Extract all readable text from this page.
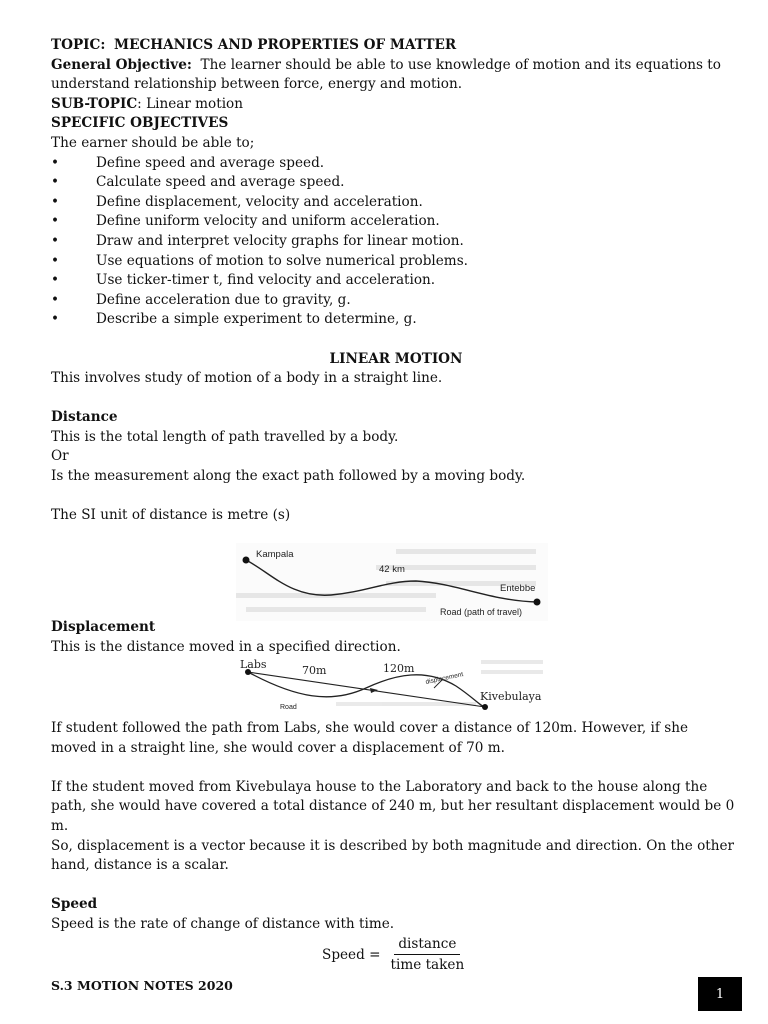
TOPIC: MECHANICS AND PROPERTIES OF MATTER
General Objective: The learner should be able to use knowledge of motion and its equations to
understand relationship between force, energy and motion.
SUB-TOPIC: Linear motion
SPECIFIC OBJECTIVES
The earner should be able to;
•	Define speed and average speed.
•	Calculate speed and average speed.
•	Define displacement, velocity and acceleration.
•	Define uniform velocity and uniform acceleration.
•	Draw and interpret velocity graphs for linear motion.
•	Use equations of motion to solve numerical problems.
•	Use ticker-timer t, find velocity and acceleration.
•	Define acceleration due to gravity, g.
•	Describe a simple experiment to determine, g.
LINEAR MOTION
This involves study of motion of a body in a straight line.
Distance
This is the total length of path travelled by a body.
Or
Is the measurement along the exact path followed by a moving body.
The SI unit of distance is metre (s)
Kampala
42 km
Entebbe
Road (path of travel)
Displacement
This is the distance moved in a specified direction.
Labs	70m	120m
displacement
Kivebulaya
Road
If student followed the path from Labs, she would cover a distance of 120m. However, if she
moved in a straight line, she would cover a displacement of 70 m.
If the student moved from Kivebulaya house to the Laboratory and back to the house along the
path, she would have covered a total distance of 240 m, but her resultant displacement would be 0
m.
So, displacement is a vector because it is described by both magnitude and direction. On the other
hand, distance is a scalar.
Speed
Speed is the rate of change of distance with time.
Speed = $\frac{\text{distance}}{\text{time taken}}$
S.3 MOTION NOTES 2020
1
